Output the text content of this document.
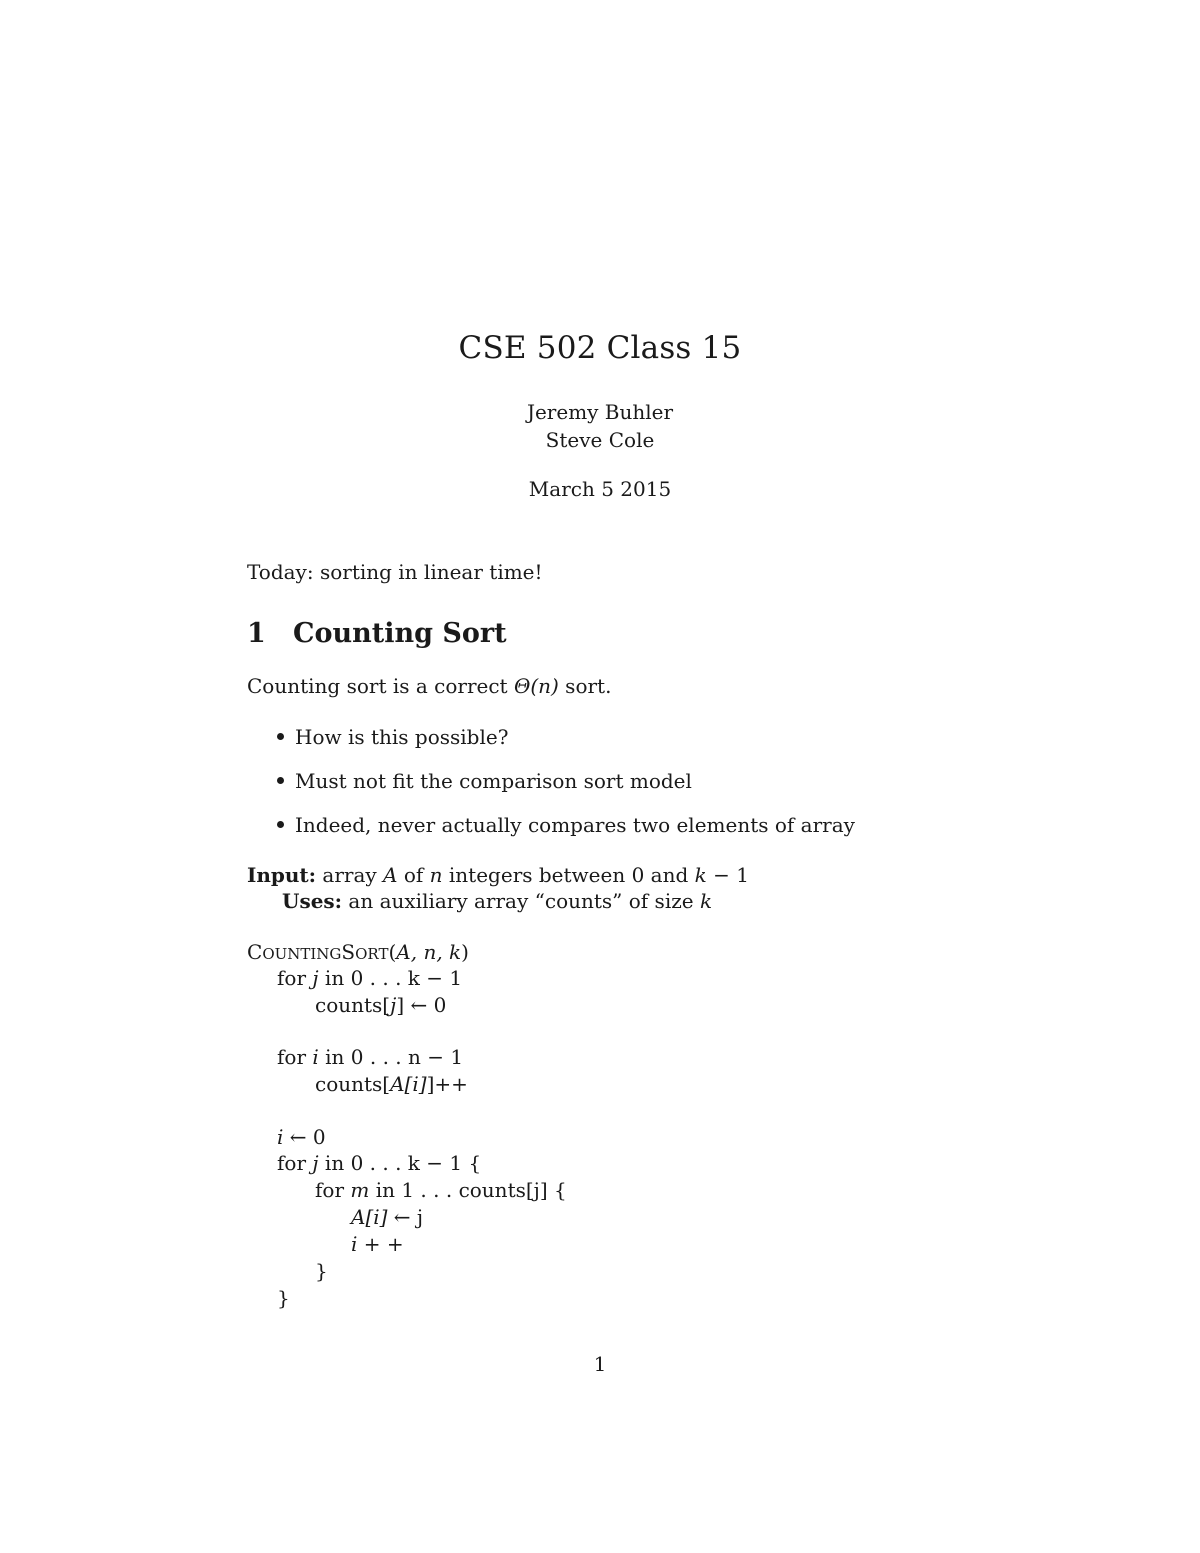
CSE 502 Class 15
Jeremy Buhler
Steve Cole
March 5 2015
Today: sorting in linear time!
1 Counting Sort
Counting sort is a correct Θ(n) sort.
How is this possible?
Must not fit the comparison sort model
Indeed, never actually compares two elements of array
Input: array A of n integers between 0 and k − 1
Uses: an auxiliary array “counts” of size k
COUNTINGSORT(A, n, k)
for j in 0 . . . k − 1
counts[j] ← 0
for i in 0 . . . n − 1
counts[A[i]]++
i ← 0
for j in 0 . . . k − 1 {
for m in 1 . . . counts[j] {
A[i] ← j
i + +
}
}
1
